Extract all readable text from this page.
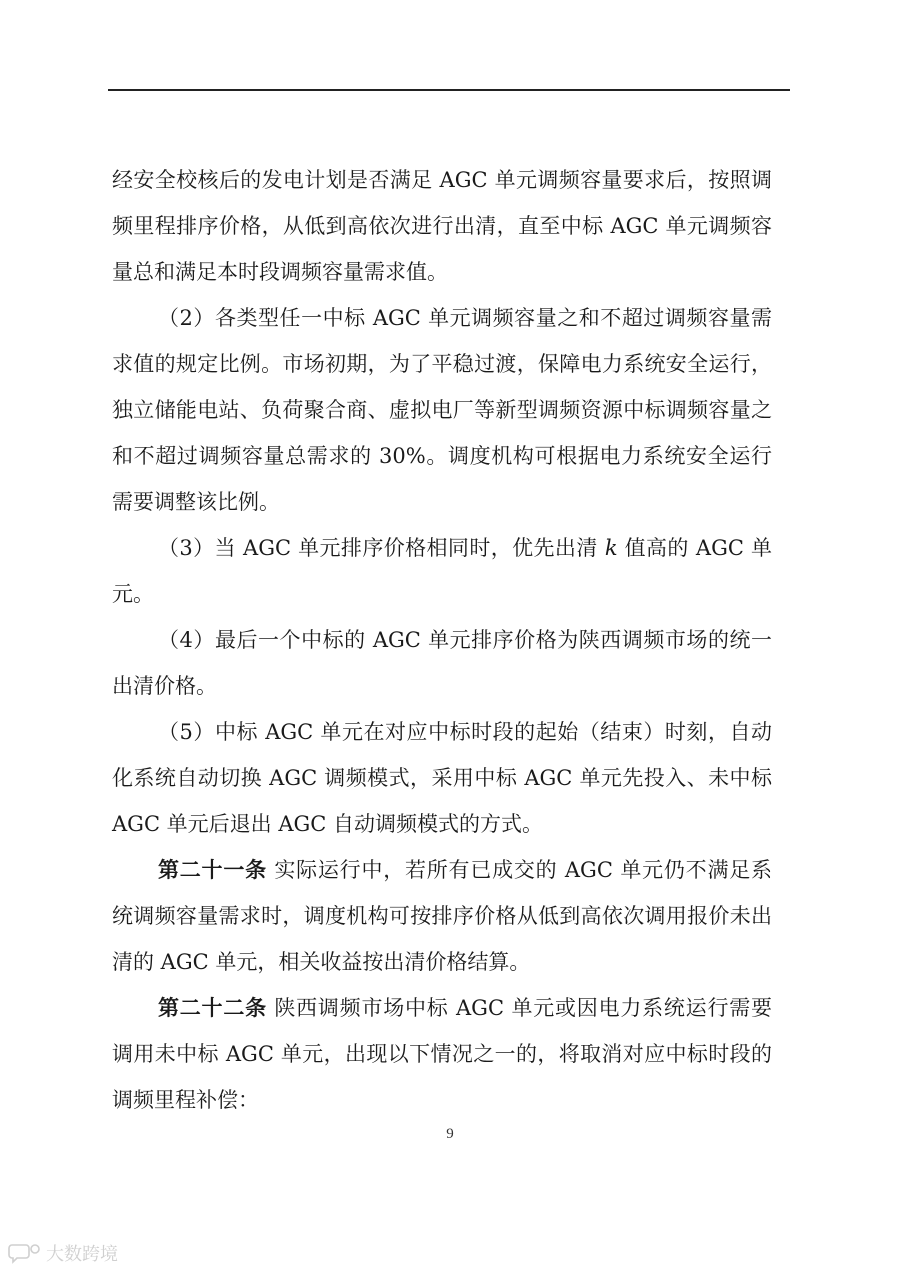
经安全校核后的发电计划是否满足 AGC 单元调频容量要求后，按照调频里程排序价格，从低到高依次进行出清，直至中标 AGC 单元调频容量总和满足本时段调频容量需求值。

（2）各类型任一中标 AGC 单元调频容量之和不超过调频容量需求值的规定比例。市场初期，为了平稳过渡，保障电力系统安全运行，独立储能电站、负荷聚合商、虚拟电厂等新型调频资源中标调频容量之和不超过调频容量总需求的 30%。调度机构可根据电力系统安全运行需要调整该比例。

（3）当 AGC 单元排序价格相同时，优先出清 k 值高的 AGC 单元。

（4）最后一个中标的 AGC 单元排序价格为陕西调频市场的统一出清价格。

（5）中标 AGC 单元在对应中标时段的起始（结束）时刻，自动化系统自动切换 AGC 调频模式，采用中标 AGC 单元先投入、未中标 AGC 单元后退出 AGC 自动调频模式的方式。

第二十一条 实际运行中，若所有已成交的 AGC 单元仍不满足系统调频容量需求时，调度机构可按排序价格从低到高依次调用报价未出清的 AGC 单元，相关收益按出清价格结算。

第二十二条 陕西调频市场中标 AGC 单元或因电力系统运行需要调用未中标 AGC 单元，出现以下情况之一的，将取消对应中标时段的调频里程补偿：

9
大数跨境
